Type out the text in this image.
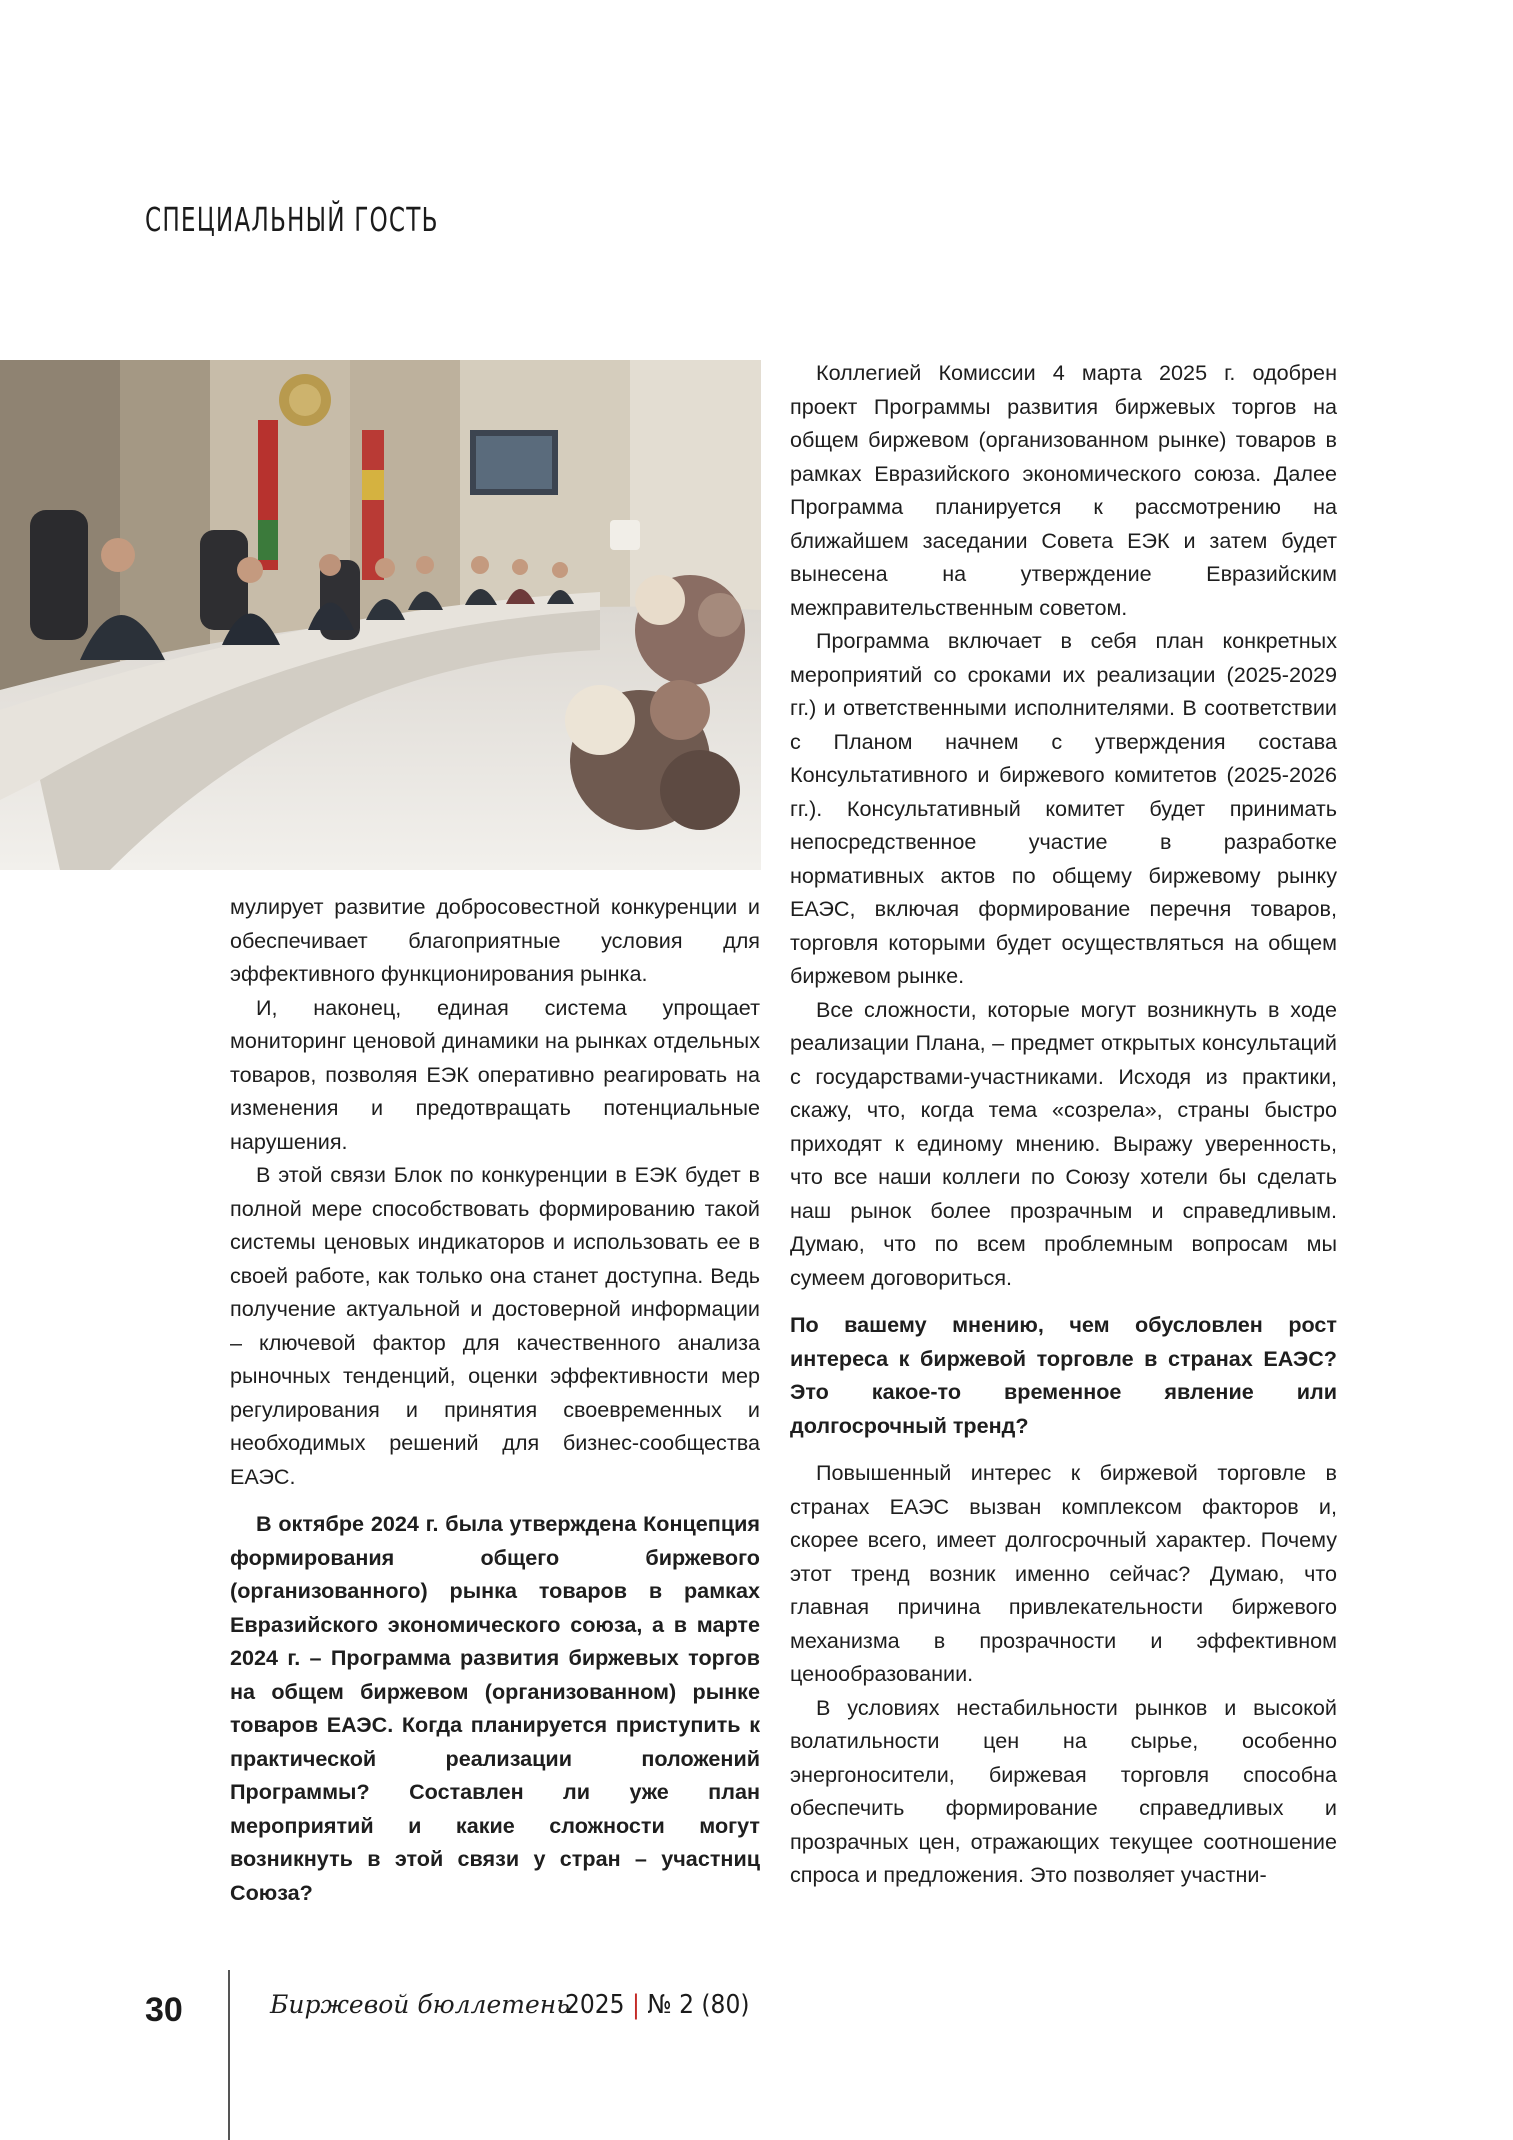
СПЕЦИАЛЬНЫЙ ГОСТЬ

мулирует развитие добросовестной конкуренции и обеспечивает благоприятные условия для эффективного функционирования рынка.

И, наконец, единая система упрощает мониторинг ценовой динамики на рынках отдельных товаров, позволяя ЕЭК оперативно реагировать на изменения и предотвращать потенциальные нарушения.

В этой связи Блок по конкуренции в ЕЭК будет в полной мере способствовать формированию такой системы ценовых индикаторов и использовать ее в своей работе, как только она станет доступна. Ведь получение актуальной и достоверной информации – ключевой фактор для качественного анализа рыночных тенденций, оценки эффективности мер регулирования и принятия своевременных и необходимых решений для бизнес-сообщества ЕАЭС.

В октябре 2024 г. была утверждена Концепция формирования общего биржевого (организованного) рынка товаров в рамках Евразийского экономического союза, а в марте 2024 г. – Программа развития биржевых торгов на общем биржевом (организованном) рынке товаров ЕАЭС. Когда планируется приступить к практической реализации положений Программы? Составлен ли уже план мероприятий и какие сложности могут возникнуть в этой связи у стран – участниц Союза?

Коллегией Комиссии 4 марта 2025 г. одобрен проект Программы развития биржевых торгов на общем биржевом (организованном рынке) товаров в рамках Евразийского экономического союза. Далее Программа планируется к рассмотрению на ближайшем заседании Совета ЕЭК и затем будет вынесена на утверждение Евразийским межправительственным советом.

Программа включает в себя план конкретных мероприятий со сроками их реализации (2025-2029 гг.) и ответственными исполнителями. В соответствии с Планом начнем с утверждения состава Консультативного и биржевого комитетов (2025-2026 гг.). Консультативный комитет будет принимать непосредственное участие в разработке нормативных актов по общему биржевому рынку ЕАЭС, включая формирование перечня товаров, торговля которыми будет осуществляться на общем биржевом рынке.

Все сложности, которые могут возникнуть в ходе реализации Плана, – предмет открытых консультаций с государствами-участниками. Исходя из практики, скажу, что, когда тема «созрела», страны быстро приходят к единому мнению. Выражу уверенность, что все наши коллеги по Союзу хотели бы сделать наш рынок более прозрачным и справедливым. Думаю, что по всем проблемным вопросам мы сумеем договориться.

По вашему мнению, чем обусловлен рост интереса к биржевой торговле в странах ЕАЭС? Это какое-то временное явление или долгосрочный тренд?

Повышенный интерес к биржевой торговле в странах ЕАЭС вызван комплексом факторов и, скорее всего, имеет долгосрочный характер. Почему этот тренд возник именно сейчас? Думаю, что главная причина привлекательности биржевого механизма в прозрачности и эффективном ценообразовании.

В условиях нестабильности рынков и высокой волатильности цен на сырье, особенно энергоносители, биржевая торговля способна обеспечить формирование справедливых и прозрачных цен, отражающих текущее соотношение спроса и предложения. Это позволяет участни-

30	Биржевой бюллетень
2025 | № 2 (80)
